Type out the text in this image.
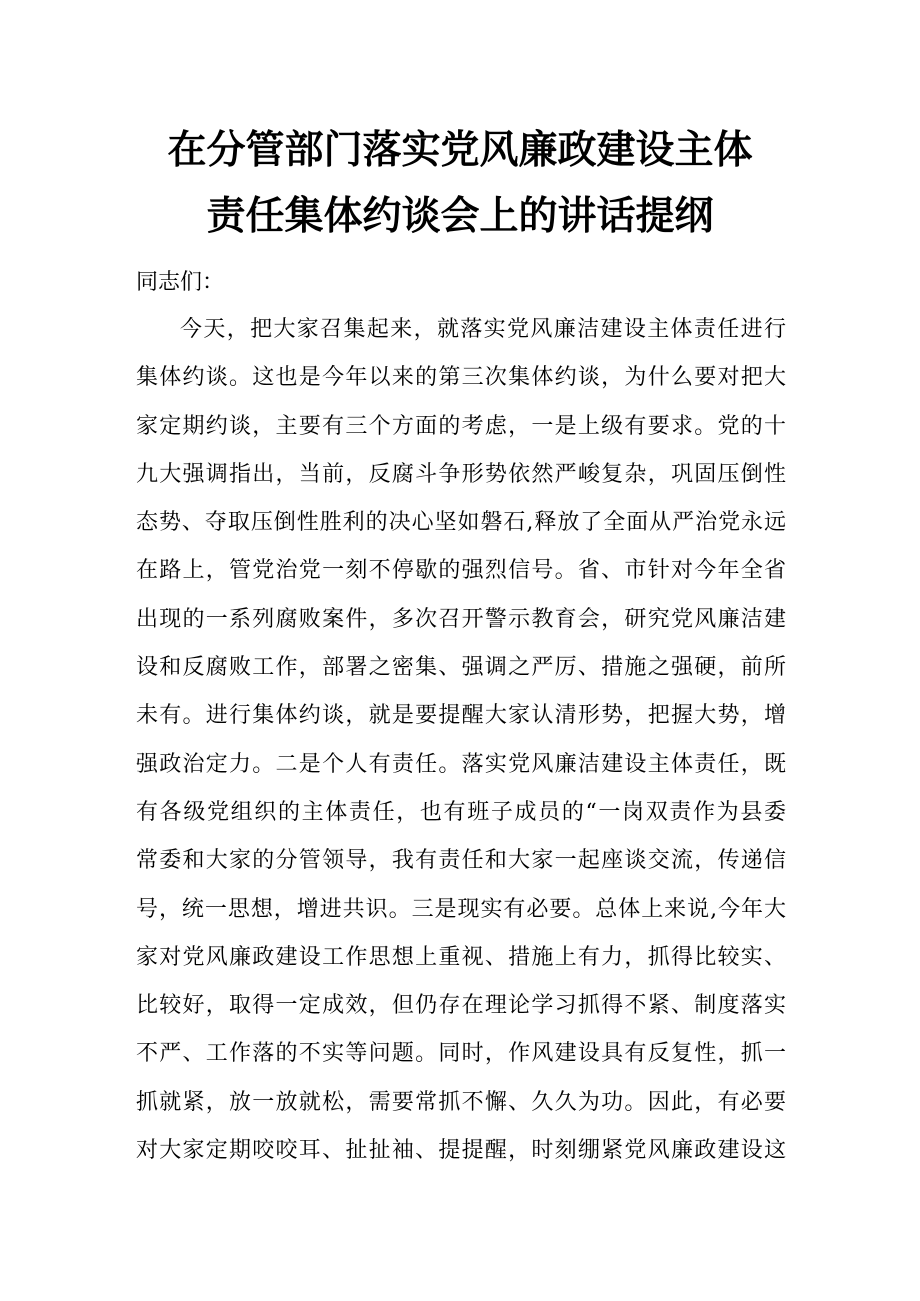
在分管部门落实党风廉政建设主体
责任集体约谈会上的讲话提纲
同志们：
今天，把大家召集起来，就落实党风廉洁建设主体责任进行
集体约谈。这也是今年以来的第三次集体约谈，为什么要对把大
家定期约谈，主要有三个方面的考虑，一是上级有要求。党的十
九大强调指出，当前，反腐斗争形势依然严峻复杂，巩固压倒性
态势、夺取压倒性胜利的决心坚如磐石,释放了全面从严治党永远
在路上，管党治党一刻不停歇的强烈信号。省、市针对今年全省
出现的一系列腐败案件，多次召开警示教育会，研究党风廉洁建
设和反腐败工作，部署之密集、强调之严厉、措施之强硬，前所
未有。进行集体约谈，就是要提醒大家认清形势，把握大势，增
强政治定力。二是个人有责任。落实党风廉洁建设主体责任，既
有各级党组织的主体责任，也有班子成员的“一岗双责作为县委
常委和大家的分管领导，我有责任和大家一起座谈交流，传递信
号，统一思想，增进共识。三是现实有必要。总体上来说,今年大
家对党风廉政建设工作思想上重视、措施上有力，抓得比较实、
比较好，取得一定成效，但仍存在理论学习抓得不紧、制度落实
不严、工作落的不实等问题。同时，作风建设具有反复性，抓一
抓就紧，放一放就松，需要常抓不懈、久久为功。因此，有必要
对大家定期咬咬耳、扯扯袖、提提醒，时刻绷紧党风廉政建设这
